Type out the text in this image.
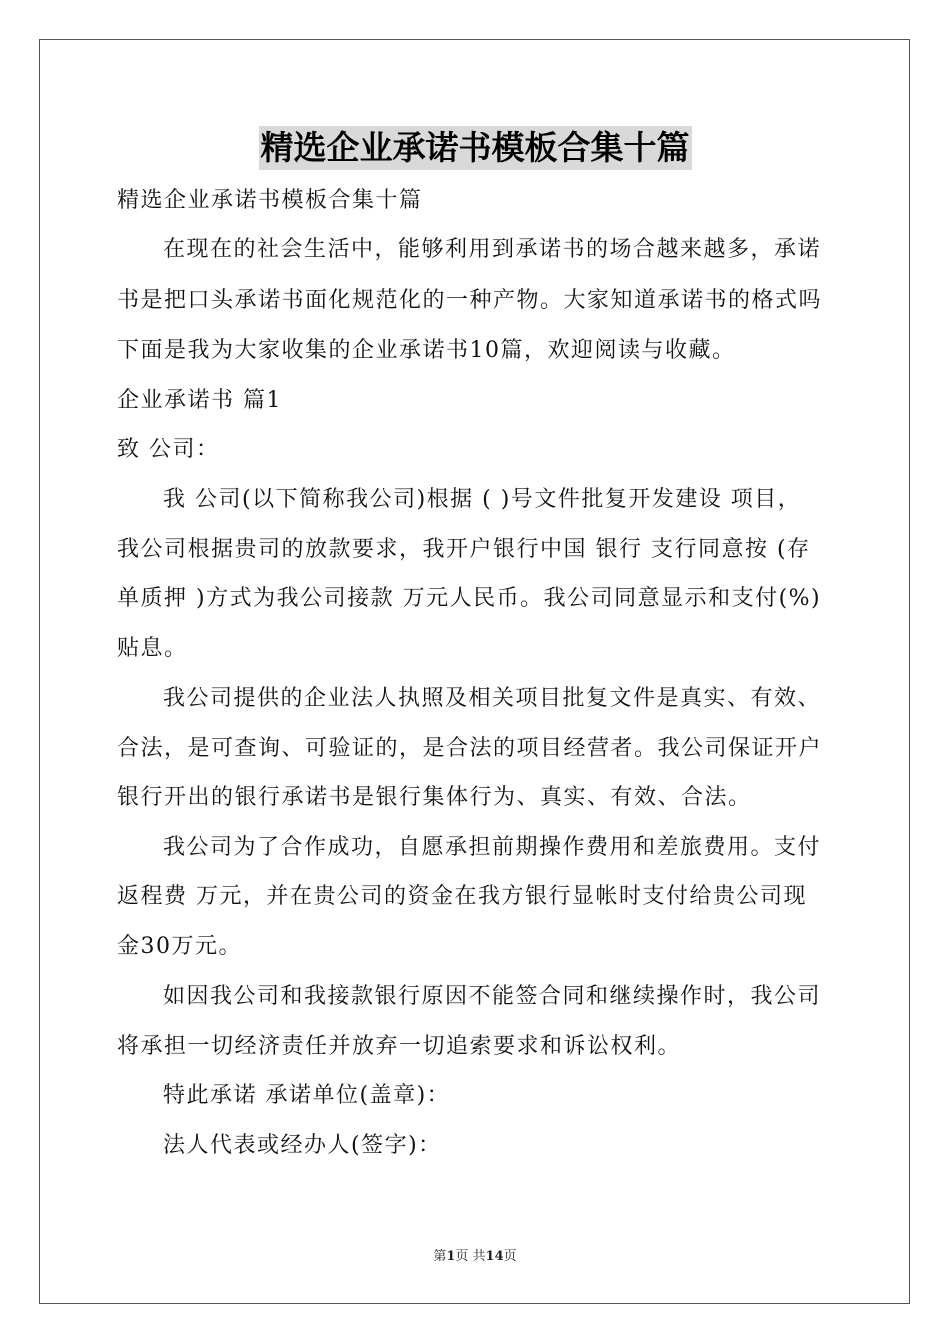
精选企业承诺书模板合集十篇
精选企业承诺书模板合集十篇
在现在的社会生活中，能够利用到承诺书的场合越来越多，承诺
书是把口头承诺书面化规范化的一种产物。大家知道承诺书的格式吗
下面是我为大家收集的企业承诺书10篇，欢迎阅读与收藏。
企业承诺书 篇1
致 公司：
我 公司(以下简称我公司)根据 ( )号文件批复开发建设 项目，
我公司根据贵司的放款要求，我开户银行中国 银行 支行同意按 (存
单质押 )方式为我公司接款 万元人民币。我公司同意显示和支付(%)
贴息。
我公司提供的企业法人执照及相关项目批复文件是真实、有效、
合法，是可查询、可验证的，是合法的项目经营者。我公司保证开户
银行开出的银行承诺书是银行集体行为、真实、有效、合法。
我公司为了合作成功，自愿承担前期操作费用和差旅费用。支付
返程费 万元，并在贵公司的资金在我方银行显帐时支付给贵公司现
金30万元。
如因我公司和我接款银行原因不能签合同和继续操作时，我公司
将承担一切经济责任并放弃一切追索要求和诉讼权利。
特此承诺 承诺单位(盖章)：
法人代表或经办人(签字)：
第1页 共14页
